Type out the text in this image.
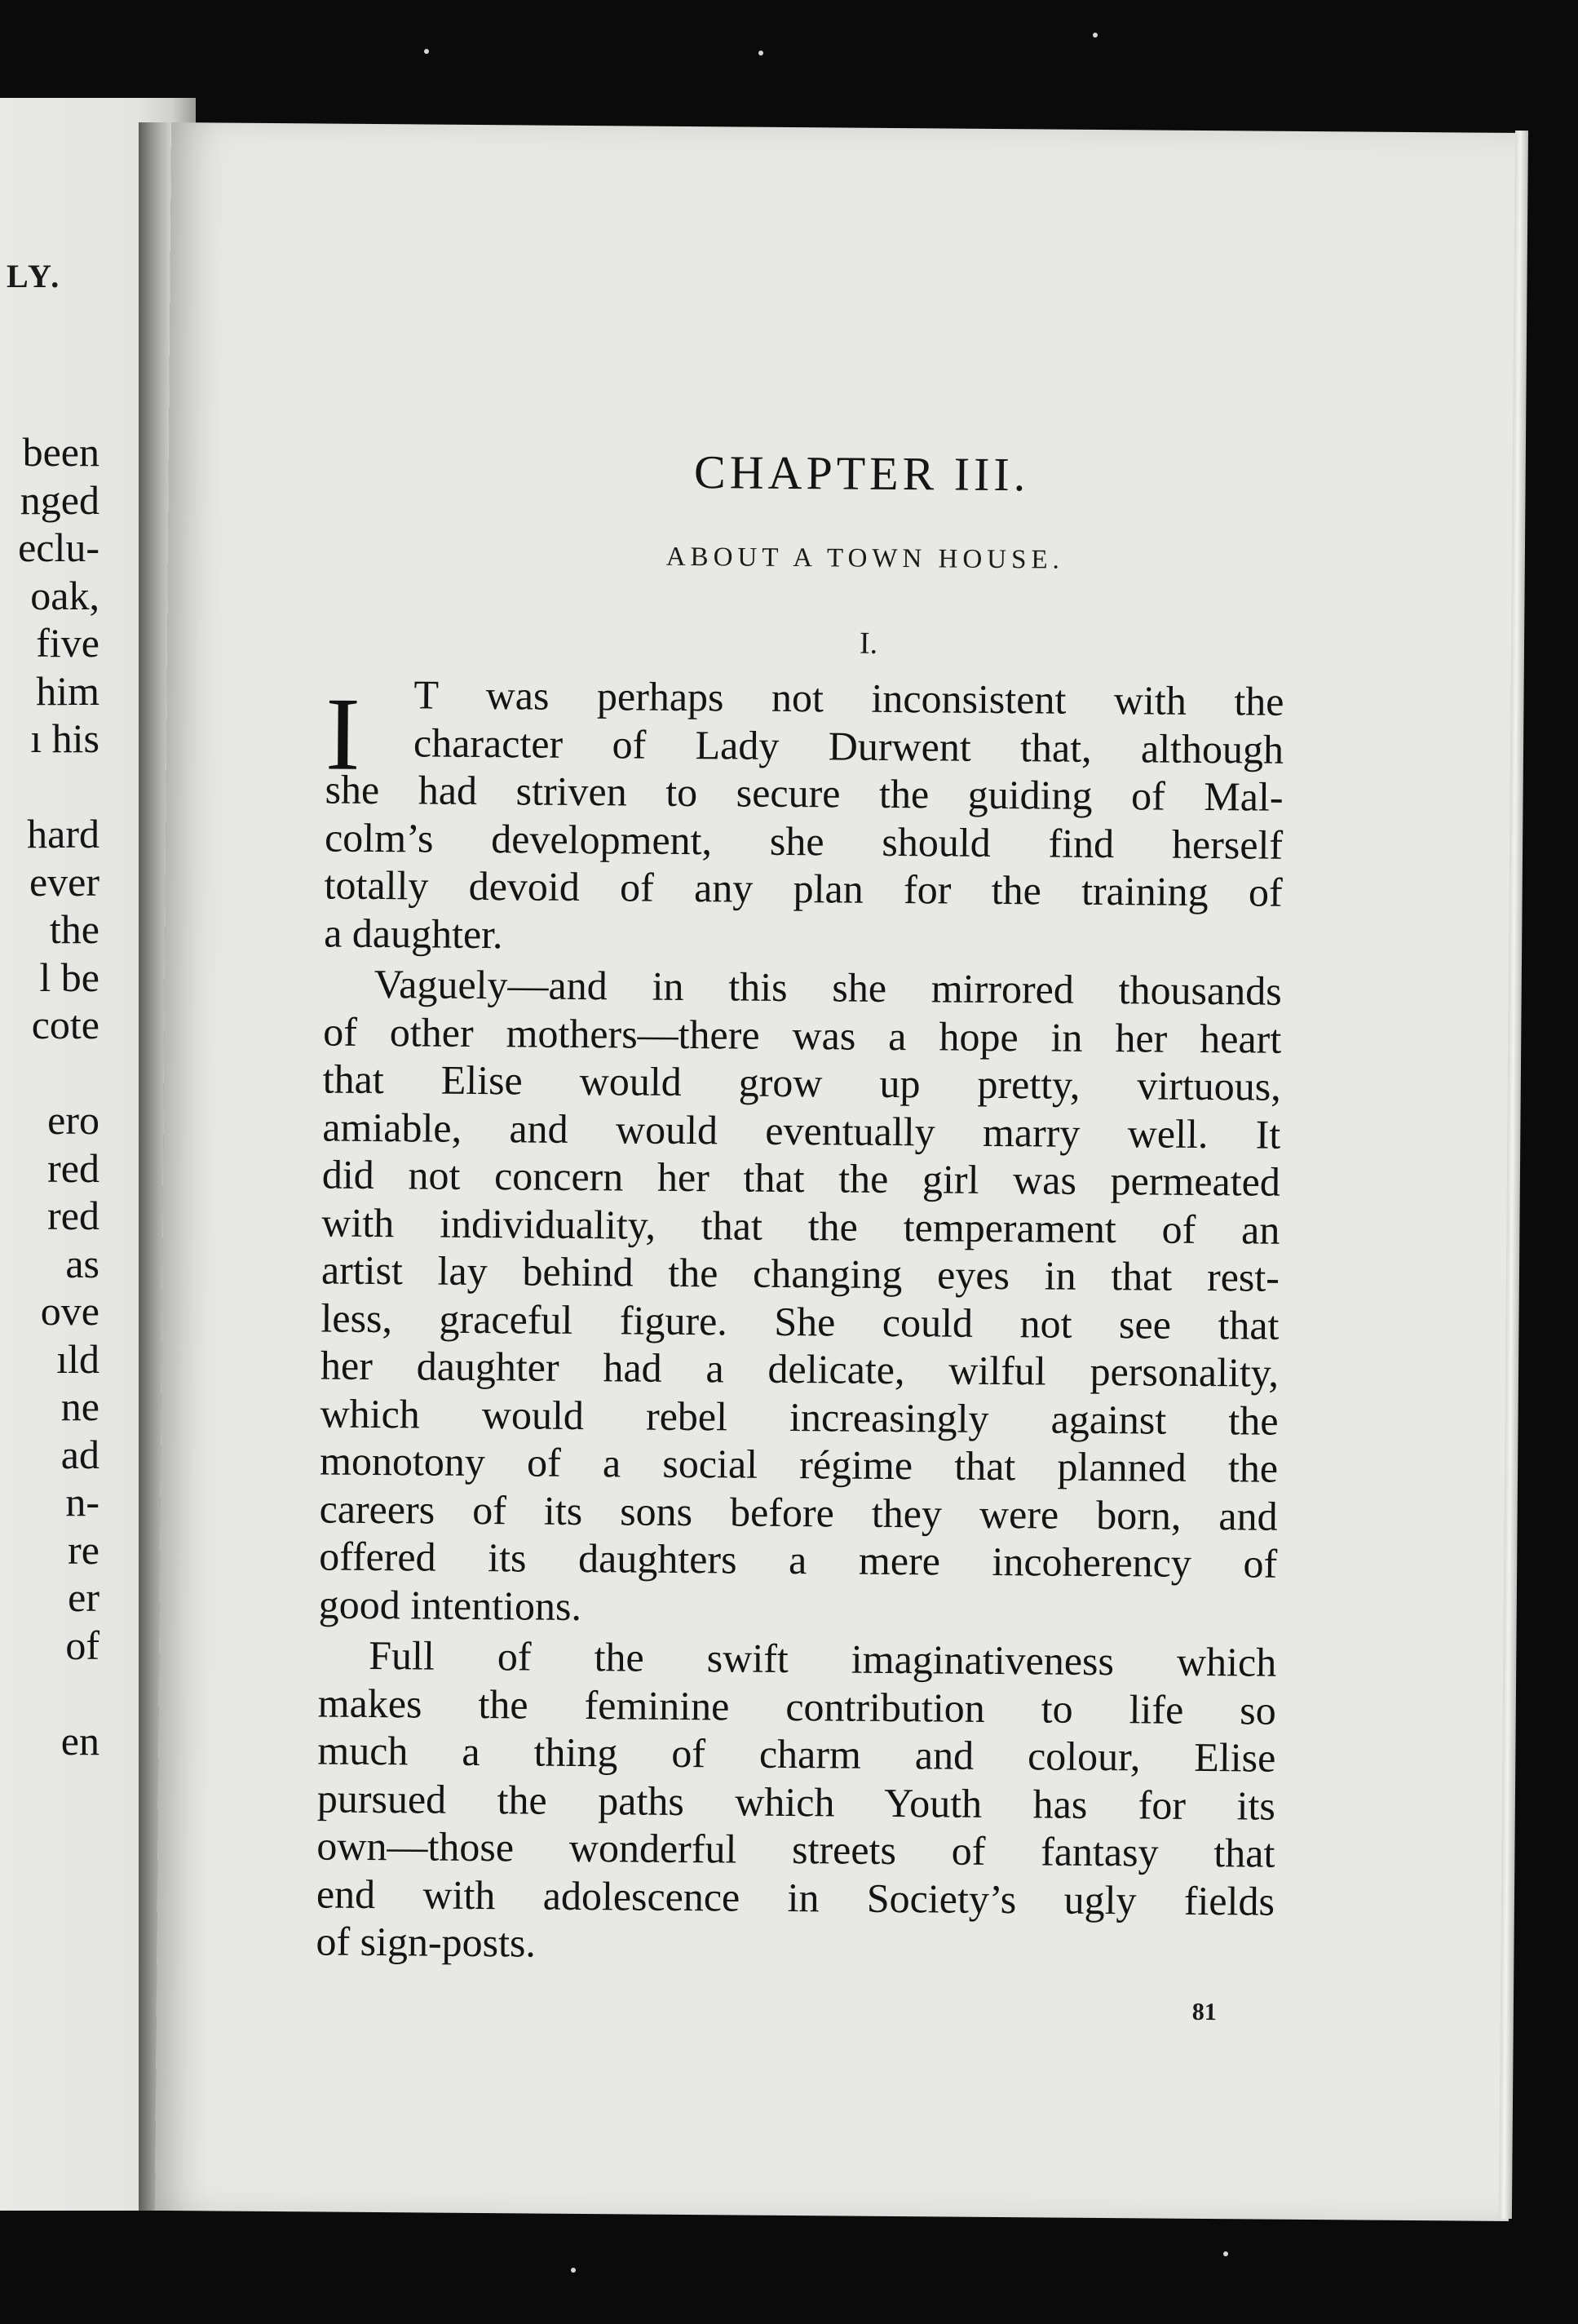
LY.
been
nged
eclu-
oak,
five
him
ı his
hard
ever
the
l be
cote
ero
red
red
as
ove
ıld
ne
ad
n-
re
er
of
en
CHAPTER III.
ABOUT A TOWN HOUSE.
I.
I	T was perhaps not inconsistent with the
character of Lady Durwent that, although
she had striven to secure the guiding of Mal-
colm’s development, she should find herself
totally devoid of any plan for the training of
a daughter.
Vaguely—and in this she mirrored thousands
of other mothers—there was a hope in her heart
that Elise would grow up pretty, virtuous,
amiable, and would eventually marry well. It
did not concern her that the girl was permeated
with individuality, that the temperament of an
artist lay behind the changing eyes in that rest-
less, graceful figure. She could not see that
her daughter had a delicate, wilful personality,
which would rebel increasingly against the
monotony of a social régime that planned the
careers of its sons before they were born, and
offered its daughters a mere incoherency of
good intentions.
Full of the swift imaginativeness which
makes the feminine contribution to life so
much a thing of charm and colour, Elise
pursued the paths which Youth has for its
own—those wonderful streets of fantasy that
end with adolescence in Society’s ugly fields
of sign-posts.
81
